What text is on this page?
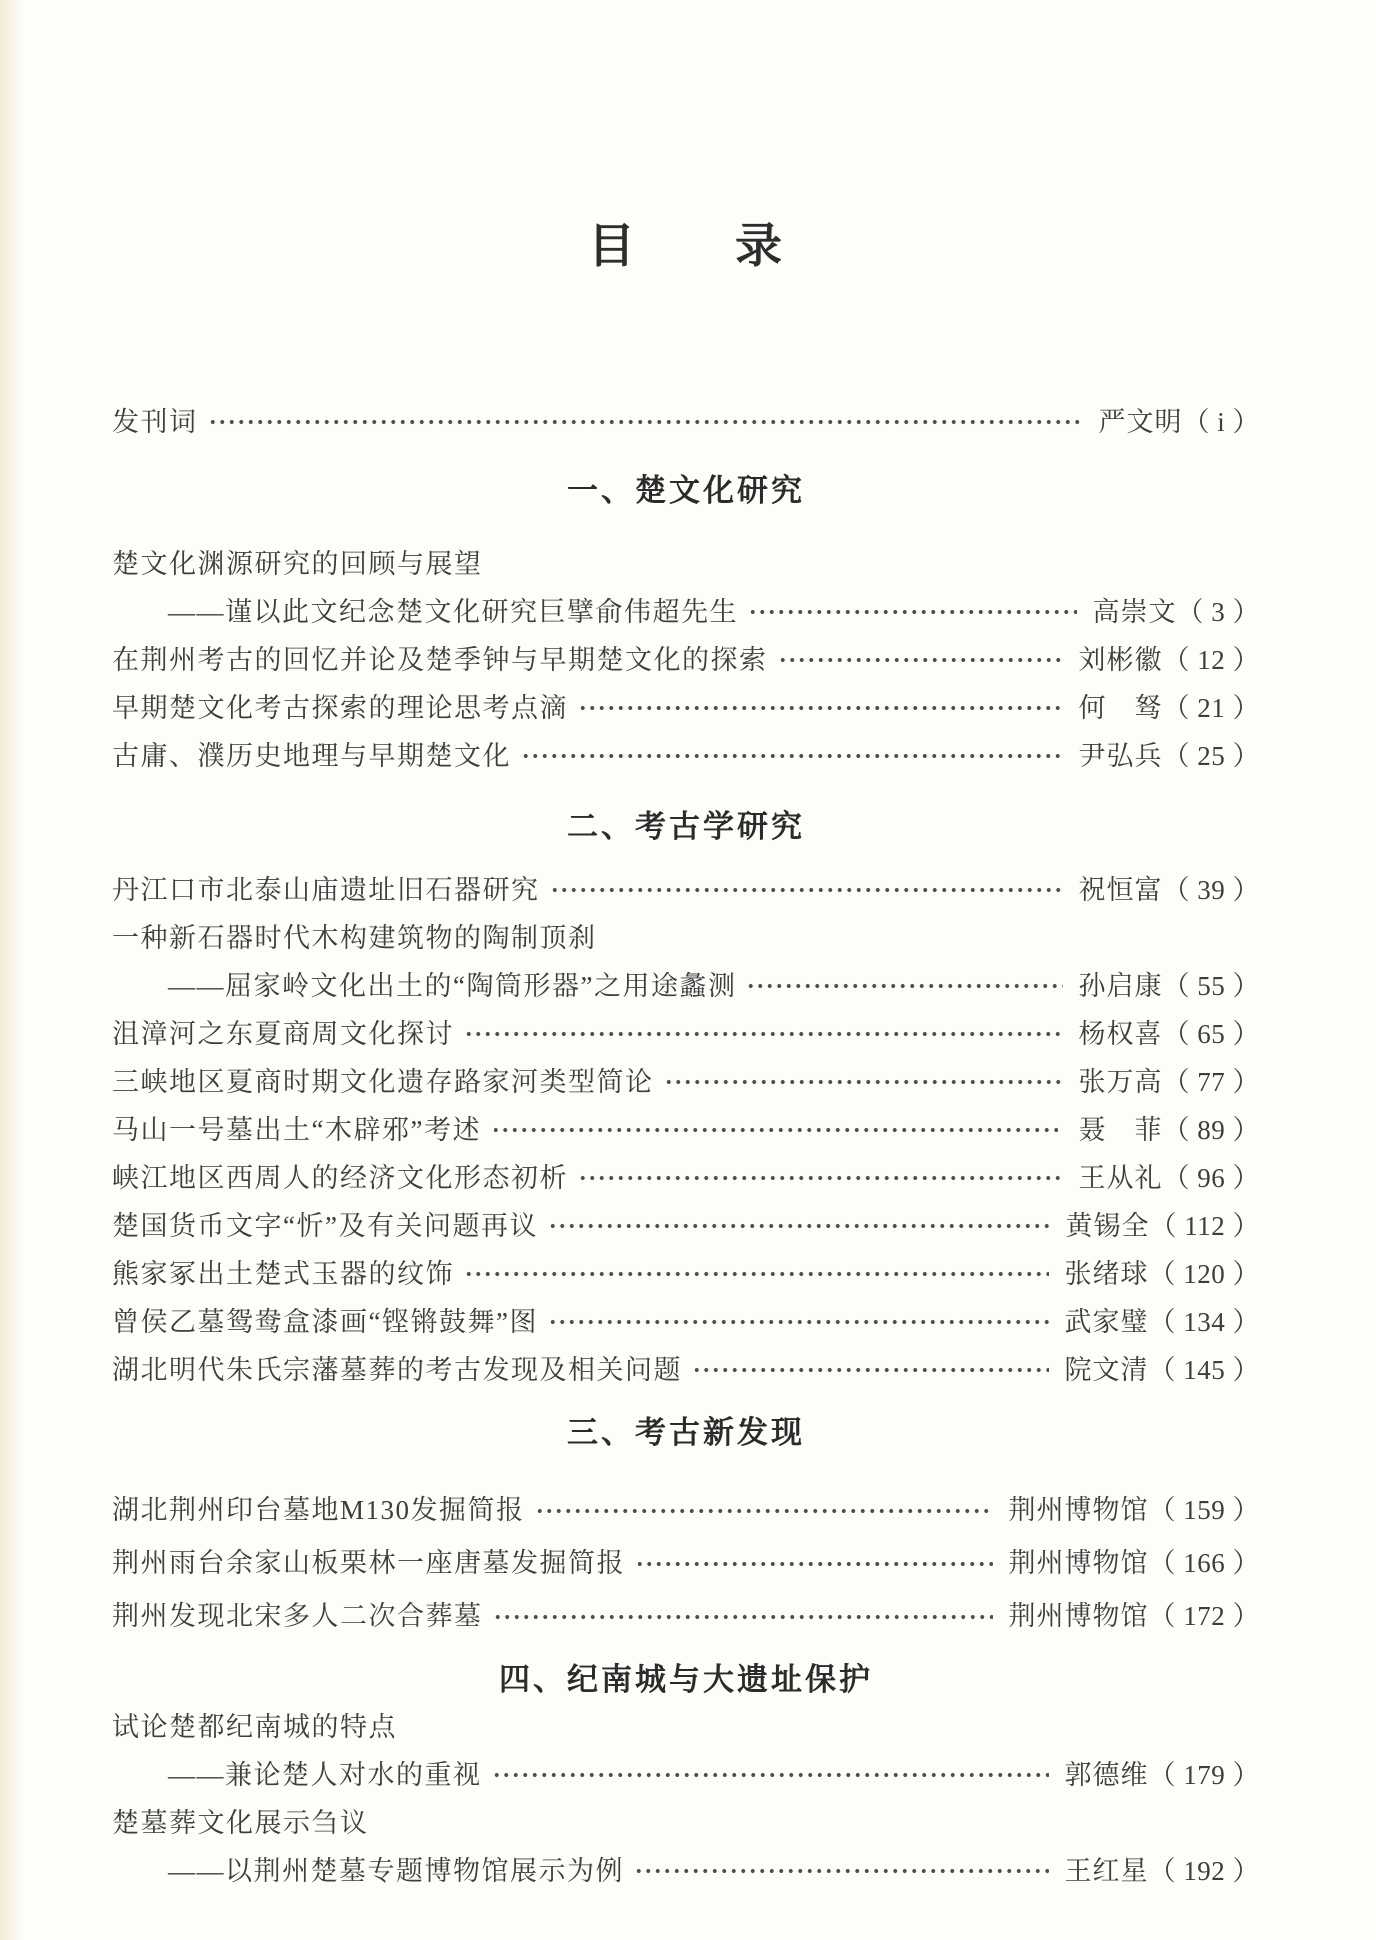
目　　录
发刊词	严文明（ i ）
一、楚文化研究
楚文化渊源研究的回顾与展望
——谨以此文纪念楚文化研究巨擘俞伟超先生	高崇文（ 3 ）
在荆州考古的回忆并论及楚季钟与早期楚文化的探索	刘彬徽（ 12 ）
早期楚文化考古探索的理论思考点滴	何　驽（ 21 ）
古庸、濮历史地理与早期楚文化	尹弘兵（ 25 ）
二、考古学研究
丹江口市北泰山庙遗址旧石器研究	祝恒富（ 39 ）
一种新石器时代木构建筑物的陶制顶刹
——屈家岭文化出土的“陶筒形器”之用途蠡测	孙启康（ 55 ）
沮漳河之东夏商周文化探讨	杨权喜（ 65 ）
三峡地区夏商时期文化遗存路家河类型简论	张万高（ 77 ）
马山一号墓出土“木辟邪”考述	聂　菲（ 89 ）
峡江地区西周人的经济文化形态初析	王从礼（ 96 ）
楚国货币文字“忻”及有关问题再议	黄锡全（ 112 ）
熊家冢出土楚式玉器的纹饰	张绪球（ 120 ）
曾侯乙墓鸳鸯盒漆画“铿锵鼓舞”图	武家璧（ 134 ）
湖北明代朱氏宗藩墓葬的考古发现及相关问题	院文清（ 145 ）
三、考古新发现
湖北荆州印台墓地M130发掘简报	荆州博物馆（ 159 ）
荆州雨台余家山板栗林一座唐墓发掘简报	荆州博物馆（ 166 ）
荆州发现北宋多人二次合葬墓	荆州博物馆（ 172 ）
四、纪南城与大遗址保护
试论楚都纪南城的特点
——兼论楚人对水的重视	郭德维（ 179 ）
楚墓葬文化展示刍议
——以荆州楚墓专题博物馆展示为例	王红星（ 192 ）
